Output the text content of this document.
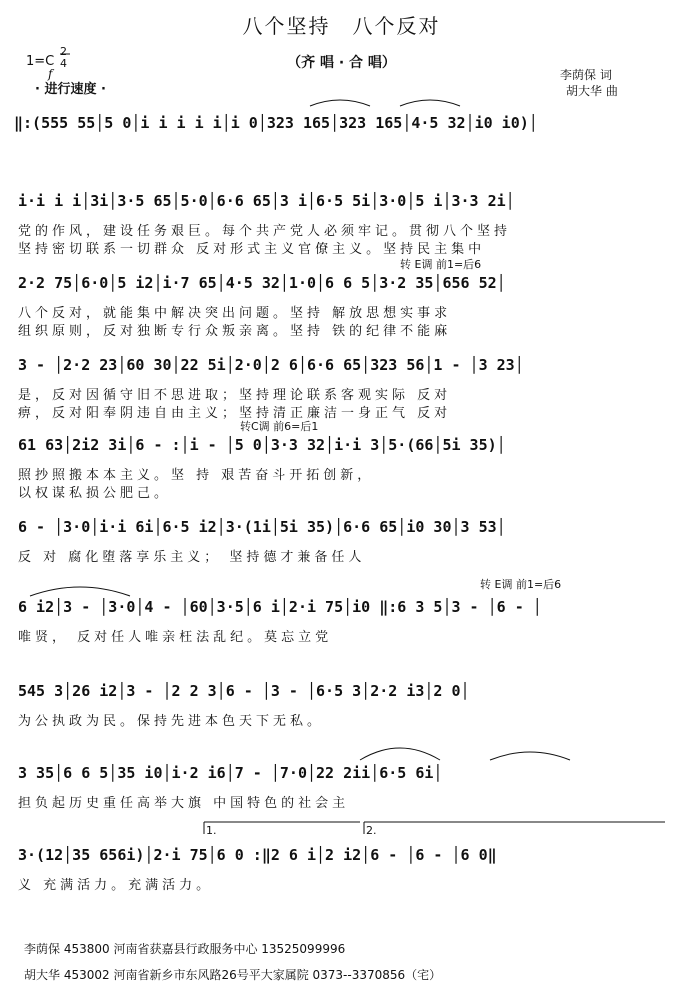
八个坚持　八个反对
（齐 唱 · 合 唱）
1=C
2
4
f
· 进行速度 ·
李荫保 词
胡大华 曲
‖:(555 55│5 0│i i i i i│i 0│323 165│323 165│4·5 32│i0 i0)│
i·i i i│3i│3·5 65│5·0│6·6 65│3 i│6·5 5i│3·0│5 i│3·3 2i│
党的作风，建设任务艰巨。每个共产党人必须牢记。贯彻八个坚持
坚持密切联系一切群众 反对形式主义官僚主义。坚持民主集中
转 E调 前1=后6
2·2 75│6·0│5 i2│i·7 65│4·5 32│1·0│6 6 5│3·2 35│656 52│
八个反对，就能集中解决突出问题。坚持 解放思想实事求
组织原则，反对独断专行众叛亲离。坚持 铁的纪律不能麻
3 - │2·2 23│60 30│22 5i│2·0│2 6│6·6 65│323 56│1 - │3 23│
是，反对因循守旧不思进取；坚持理论联系客观实际 反对
痹，反对阳奉阴违自由主义；坚持清正廉洁一身正气 反对
转C调 前6=后1
61 63│2i2 3i│6 - :│i - │5 0│3·3 32│i·i 3│5·(66│5i 35)│
照抄照搬本本主义。坚 持 艰苦奋斗开拓创新，
以权谋私损公肥己。
6 - │3·0│i·i 6i│6·5 i2│3·(1i│5i 35)│6·6 65│i0 30│3 53│
反 对 腐化堕落享乐主义； 坚持德才兼备任人
转 E调 前1=后6
6 i2│3 - │3·0│4 - │60│3·5│6 i│2·i 75│i0 ‖:6 3 5│3 - │6 - │
唯贤， 反对任人唯亲枉法乱纪。莫忘立党
545 3│26 i2│3 - │2 2 3│6 - │3 - │6·5 3│2·2 i3│2 0│
为公执政为民。保持先进本色天下无私。
3 35│6 6 5│35 i0│i·2 i6│7 - │7·0│22 2ii│6·5 6i│
担负起历史重任高举大旗 中国特色的社会主
1.	2.
3·(12│35 656i)│2·i 75│6 0 :‖2 6 i│2 i2│6 - │6 - │6 0‖
义 充满活力。充满活力。
李荫保 453800 河南省获嘉县行政服务中心 13525099996
胡大华 453002 河南省新乡市东风路26号平大家属院 0373--3370856（宅）
